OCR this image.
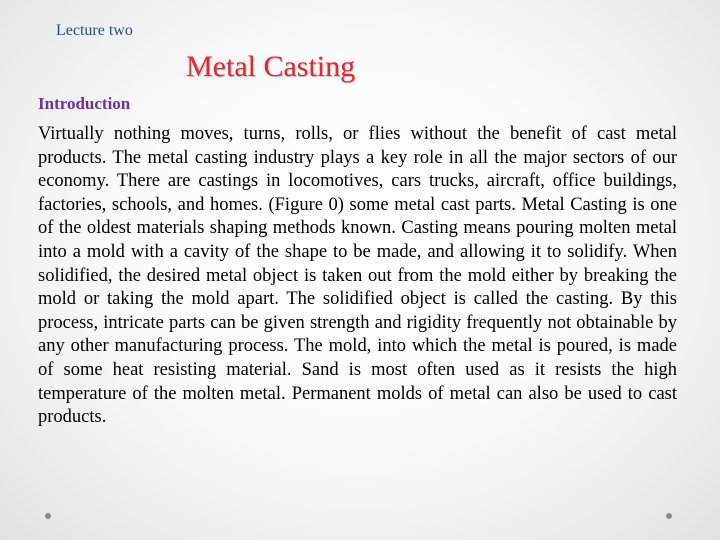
Lecture two
Metal Casting
Introduction

Virtually nothing moves, turns, rolls, or flies without the benefit of cast metal products. The metal casting industry plays a key role in all the major sectors of our economy. There are castings in locomotives, cars trucks, aircraft, office buildings, factories, schools, and homes. (Figure 0) some metal cast parts. Metal Casting is one of the oldest materials shaping methods known. Casting means pouring molten metal into a mold with a cavity of the shape to be made, and allowing it to solidify. When solidified, the desired metal object is taken out from the mold either by breaking the mold or taking the mold apart. The solidified object is called the casting. By this process, intricate parts can be given strength and rigidity frequently not obtainable by any other manufacturing process. The mold, into which the metal is poured, is made of some heat resisting material. Sand is most often used as it resists the high temperature of the molten metal. Permanent molds of metal can also be used to cast products.
